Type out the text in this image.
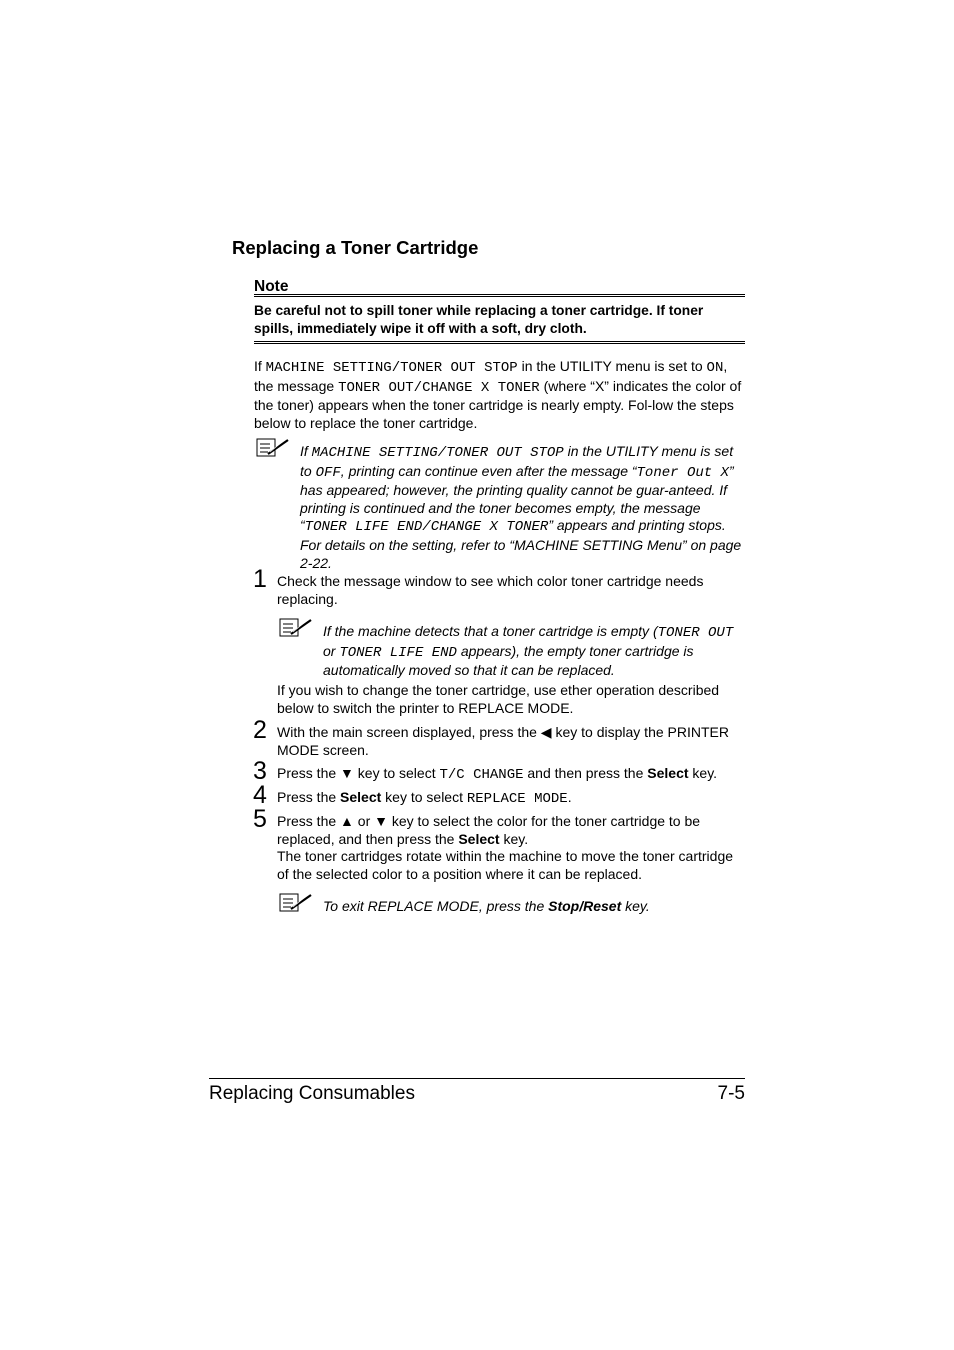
Replacing a Toner Cartridge
Note
Be careful not to spill toner while replacing a toner cartridge. If toner spills, immediately wipe it off with a soft, dry cloth.
If MACHINE SETTING/TONER OUT STOP in the UTILITY menu is set to ON, the message TONER OUT/CHANGE X TONER (where “X” indicates the color of the toner) appears when the toner cartridge is nearly empty. Fol-low the steps below to replace the toner cartridge.
If MACHINE SETTING/TONER OUT STOP in the UTILITY menu is set to OFF, printing can continue even after the message “Toner Out X” has appeared; however, the printing quality cannot be guar-anteed. If printing is continued and the toner becomes empty, the message “TONER LIFE END/CHANGE X TONER” appears and printing stops. For details on the setting, refer to “MACHINE SETTING Menu” on page 2-22.
1 Check the message window to see which color toner cartridge needs replacing.
If the machine detects that a toner cartridge is empty (TONER OUT or TONER LIFE END appears), the empty toner cartridge is automatically moved so that it can be replaced.
If you wish to change the toner cartridge, use ether operation described below to switch the printer to REPLACE MODE.
2 With the main screen displayed, press the ◀ key to display the PRINTER MODE screen.
3 Press the ▼ key to select T/C CHANGE and then press the Select key.
4 Press the Select key to select REPLACE MODE.
5 Press the ▲ or ▼ key to select the color for the toner cartridge to be replaced, and then press the Select key.
The toner cartridges rotate within the machine to move the toner cartridge of the selected color to a position where it can be replaced.
To exit REPLACE MODE, press the Stop/Reset key.
Replacing Consumables	7-5
